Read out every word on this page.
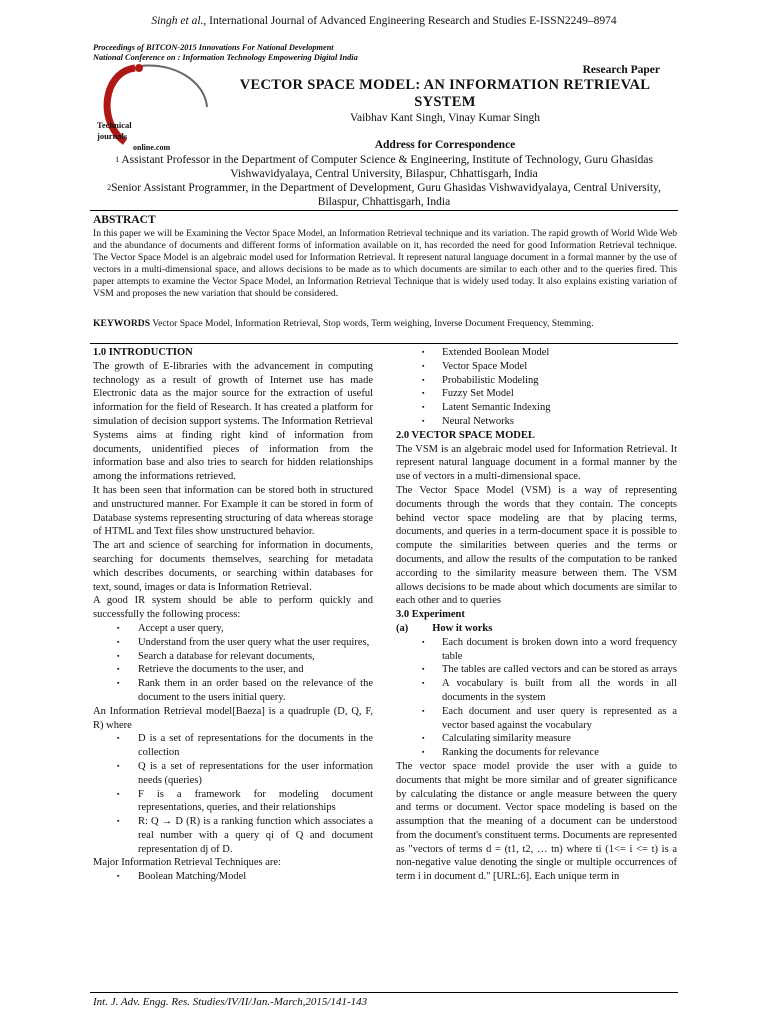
Singh et al., International Journal of Advanced Engineering Research and Studies E-ISSN2249–8974
Proceedings of BITCON-2015 Innovations For National Development
National Conference on : Information Technology Empowering Digital India
Technical
journals
online.com
Research Paper
VECTOR SPACE MODEL: AN INFORMATION RETRIEVAL SYSTEM
Vaibhav Kant Singh, Vinay Kumar Singh
Address for Correspondence
$^1$ Assistant Professor in the Department of Computer Science & Engineering, Institute of Technology, Guru Ghasidas Vishwavidyalaya, Central University, Bilaspur, Chhattisgarh, India
$^2$Senior Assistant Programmer, in the Department of Development, Guru Ghasidas Vishwavidyalaya, Central University, Bilaspur, Chhattisgarh, India
ABSTRACT
In this paper we will be Examining the Vector Space Model, an Information Retrieval technique and its variation. The rapid growth of World Wide Web and the abundance of documents and different forms of information available on it, has recorded the need for good Information Retrieval technique. The Vector Space Model is an algebraic model used for Information Retrieval. It represent natural language document in a formal manner by the use of vectors in a multi-dimensional space, and allows decisions to be made as to which documents are similar to each other and to the queries fired. This paper attempts to examine the Vector Space Model, an Information Retrieval Technique that is widely used today. It also explains existing variation of VSM and proposes the new variation that should be considered.
KEYWORDS Vector Space Model, Information Retrieval, Stop words, Term weighing, Inverse Document Frequency, Stemming.
1.0 INTRODUCTION

The growth of E-libraries with the advancement in computing technology as a result of growth of Internet use has made Electronic data as the major source for the extraction of useful information for the field of Research. It has created a platform for simulation of decision support systems. The Information Retrieval Systems aims at finding right kind of information from documents, unidentified pieces of information from the information base and also tries to search for hidden relationships among the informations retrieved.

It has been seen that information can be stored both in structured and unstructured manner. For Example it can be stored in form of Database systems representing structuring of data whereas storage of HTML and Text files show unstructured behavior.

The art and science of searching for information in documents, searching for documents themselves, searching for metadata which describes documents, or searching within databases for text, sound, images or data is Information Retrieval.

A good IR system should be able to perform quickly and successfully the following process:

▪ Accept a user query,
▪ Understand from the user query what the user requires,
▪ Search a database for relevant documents,
▪ Retrieve the documents to the user, and
▪ Rank them in an order based on the relevance of the document to the users initial query.

An Information Retrieval model[Baeza] is a quadruple (D, Q, F, R) where

▪ D is a set of representations for the documents in the collection
▪ Q is a set of representations for the user information needs (queries)
▪ F is a framework for modeling document representations, queries, and their relationships
▪ R: Q → D (R) is a ranking function which associates a real number with a query qi of Q and document representation dj of D.

Major Information Retrieval Techniques are:

▪ Boolean Matching/Model
▪ Extended Boolean Model
▪ Vector Space Model
▪ Probabilistic Modeling
▪ Fuzzy Set Model
▪ Latent Semantic Indexing
▪ Neural Networks
2.0 VECTOR SPACE MODEL

The VSM is an algebraic model used for Information Retrieval. It represent natural language document in a formal manner by the use of vectors in a multi-dimensional space.

The Vector Space Model (VSM) is a way of representing documents through the words that they contain. The concepts behind vector space modeling are that by placing terms, documents, and queries in a term-document space it is possible to compute the similarities between queries and the terms or documents, and allow the results of the computation to be ranked according to the similarity measure between them. The VSM allows decisions to be made about which documents are similar to each other and to queries

3.0 Experiment
(a) How it works
▪ Each document is broken down into a word frequency table
▪ The tables are called vectors and can be stored as arrays
▪ A vocabulary is built from all the words in all documents in the system
▪ Each document and user query is represented as a vector based against the vocabulary
▪ Calculating similarity measure
▪ Ranking the documents for relevance

The vector space model provide the user with a guide to documents that might be more similar and of greater significance by calculating the distance or angle measure between the query and terms or document. Vector space modeling is based on the assumption that the meaning of a document can be understood from the document's constituent terms. Documents are represented as "vectors of terms d = (t1, t2, … tn) where ti (1<= i <= t) is a non-negative value denoting the single or multiple occurrences of term i in document d." [URL:6]. Each unique term in

Int. J. Adv. Engg. Res. Studies/IV/II/Jan.-March,2015/141-143
